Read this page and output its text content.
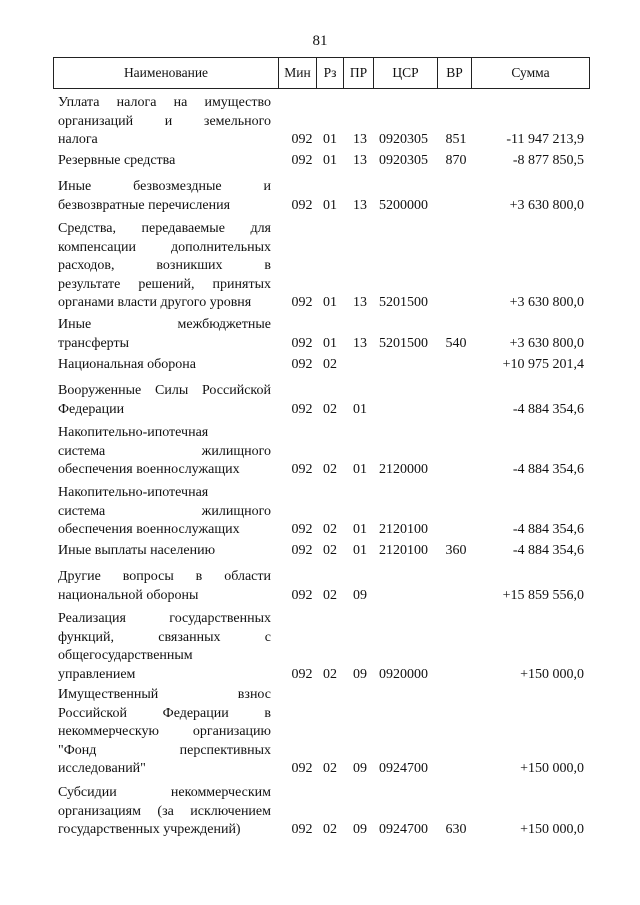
81
Наименование	Мин	Рз	ПР	ЦСР	ВР	Сумма
Уплата налога на имущество
организаций и земельного
налога	092 01 13 0920305	851	-11 947 213,9
Резервные средства	092 01 13 0920305	870	-8 877 850,5
Иные безвозмездные и
безвозвратные перечисления	092 01 13 5200000	+3 630 800,0
Средства, передаваемые для
компенсации дополнительных
расходов, возникших в
результате решений, принятых
органами власти другого уровня	092 01 13 5201500	+3 630 800,0
Иные межбюджетные
трансферты	092 01 13 5201500	540	+3 630 800,0
Национальная оборона	092 02	+10 975 201,4
Вооруженные Силы Российской
Федерации	092 02 01	-4 884 354,6
Накопительно-ипотечная
система жилищного
обеспечения военнослужащих	092 02 01 2120000	-4 884 354,6
Накопительно-ипотечная
система жилищного
обеспечения военнослужащих	092 02 01 2120100	-4 884 354,6
Иные выплаты населению	092 02 01 2120100	360	-4 884 354,6
Другие вопросы в области
национальной обороны	092 02 09	+15 859 556,0
Реализация государственных
функций, связанных с
общегосударственным
управлением	092 02 09 0920000	+150 000,0
Имущественный взнос
Российской Федерации в
некоммерческую организацию
"Фонд перспективных
исследований"	092 02 09 0924700	+150 000,0
Субсидии некоммерческим
организациям (за исключением
государственных учреждений)	092 02 09 0924700	630	+150 000,0
